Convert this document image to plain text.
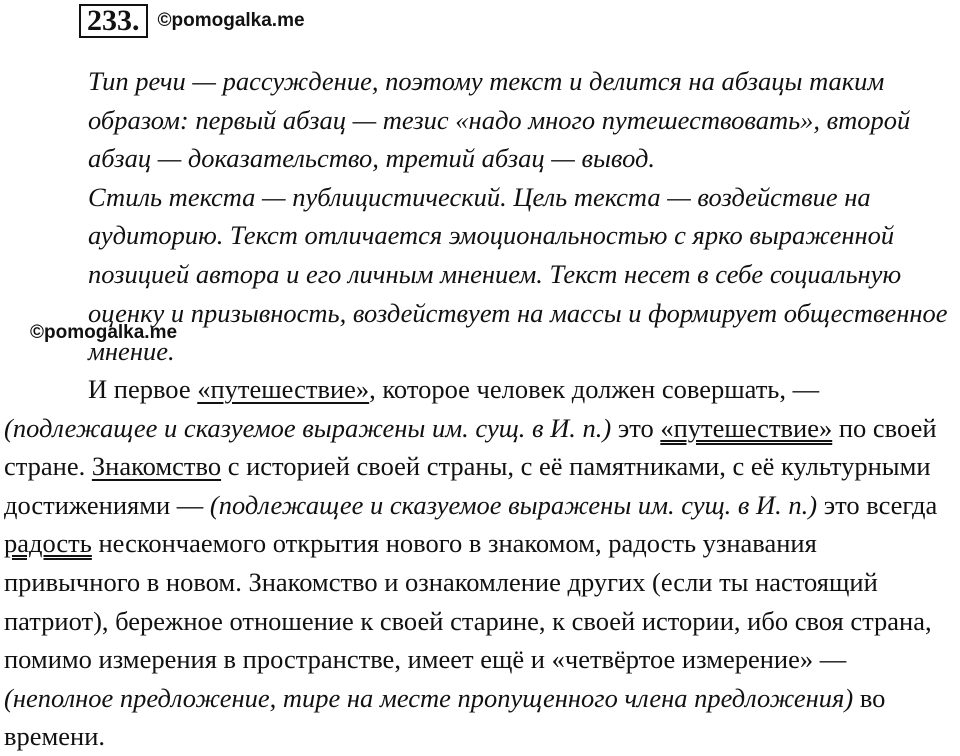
233. ©pomogalka.me
©pomogalka.me

Тип речи — рассуждение, поэтому текст и делится на абзацы таким
образом: первый абзац — тезис «надо много путешествовать», второй
абзац — доказательство, третий абзац — вывод.

Стиль текста — публицистический. Цель текста — воздействие на
аудиторию. Текст отличается эмоциональностью с ярко выраженной
позицией автора и его личным мнением. Текст несет в себе социальную
оценку и призывность, воздействует на массы и формирует общественное
мнение.

И первое «путешествие», которое человек должен совершать, —
(подлежащее и сказуемое выражены им. сущ. в И. п.) это «путешествие» по своей стране. Знакомство с историей своей страны, с её памятниками, с её культурными достижениями — (подлежащее и сказуемое выражены им. сущ. в И. п.) это всегда радость нескончаемого открытия нового в знакомом, радость узнавания привычного в новом. Знакомство и ознакомление других (если ты настоящий патриот), бережное отношение к своей старине, к своей истории, ибо своя страна, помимо измерения в пространстве, имеет ещё и «четвёртое измерение» — (неполное предложение, тире на месте пропущенного члена предложения) во времени.
